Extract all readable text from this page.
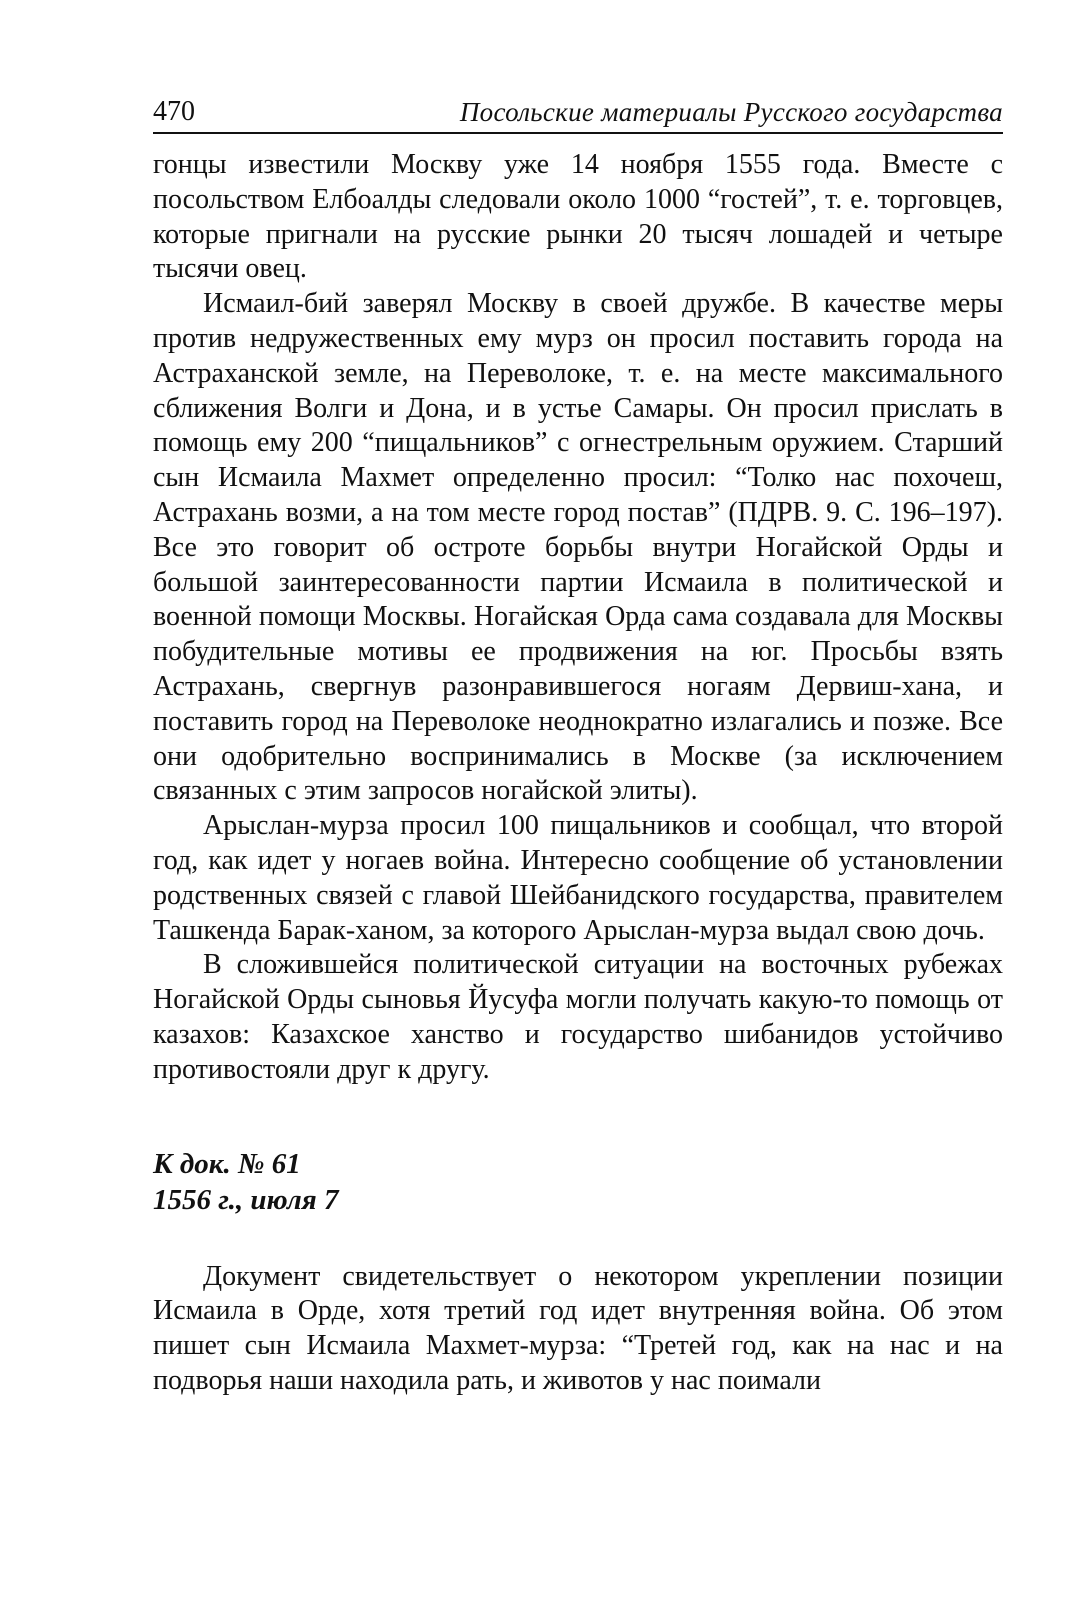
470	Посольские материалы Русского государства

гонцы известили Москву уже 14 ноября 1555 года. Вместе с посольством Елбоалды следовали около 1000 “гостей”, т. е. торговцев, которые пригнали на русские рынки 20 тысяч лошадей и четыре тысячи овец.

Исмаил-бий заверял Москву в своей дружбе. В качестве меры против недружественных ему мурз он просил поставить города на Астраханской земле, на Переволоке, т. е. на месте максимального сближения Волги и Дона, и в устье Самары. Он просил прислать в помощь ему 200 “пищальников” с огнестрельным оружием. Старший сын Исмаила Махмет определенно просил: “Толко нас похочеш, Астрахань возми, а на том месте город постав” (ПДРВ. 9. С. 196–197). Все это говорит об остроте борьбы внутри Ногайской Орды и большой заинтересованности партии Исмаила в политической и военной помощи Москвы. Ногайская Орда сама создавала для Москвы побудительные мотивы ее продвижения на юг. Просьбы взять Астрахань, свергнув разонравившегося ногаям Дервиш-хана, и поставить город на Переволоке неоднократно излагались и позже. Все они одобрительно воспринимались в Москве (за исключением связанных с этим запросов ногайской элиты).

Арыслан-мурза просил 100 пищальников и сообщал, что второй год, как идет у ногаев война. Интересно сообщение об установлении родственных связей с главой Шейбанидского государства, правителем Ташкенда Барак-ханом, за которого Арыслан-мурза выдал свою дочь.

В сложившейся политической ситуации на восточных рубежах Ногайской Орды сыновья Йусуфа могли получать какую-то помощь от казахов: Казахское ханство и государство шибанидов устойчиво противостояли друг к другу.

К док. № 61
1556 г., июля 7

Документ свидетельствует о некотором укреплении позиции Исмаила в Орде, хотя третий год идет внутренняя война. Об этом пишет сын Исмаила Махмет-мурза: “Третей год, как на нас и на подворья наши находила рать, и животов у нас поимали
